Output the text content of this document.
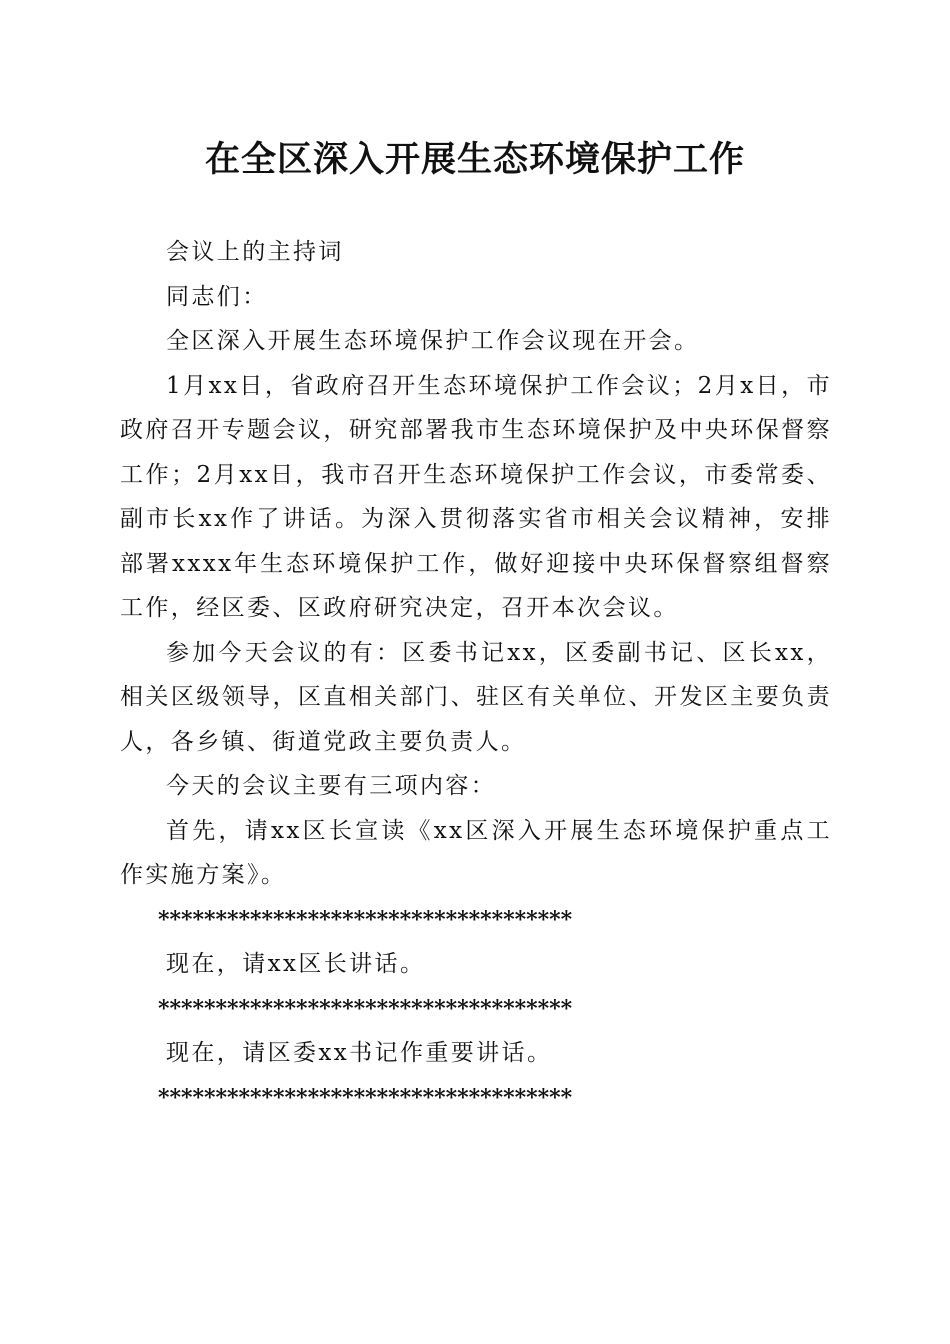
在全区深入开展生态环境保护工作

会议上的主持词

同志们：

全区深入开展生态环境保护工作会议现在开会。

1月xx日，省政府召开生态环境保护工作会议；2月x日，市政府召开专题会议，研究部署我市生态环境保护及中央环保督察工作；2月xx日，我市召开生态环境保护工作会议，市委常委、副市长xx作了讲话。为深入贯彻落实省市相关会议精神，安排部署xxxx年生态环境保护工作，做好迎接中央环保督察组督察工作，经区委、区政府研究决定，召开本次会议。

参加今天会议的有：区委书记xx，区委副书记、区长xx，相关区级领导，区直相关部门、驻区有关单位、开发区主要负责人，各乡镇、街道党政主要负责人。

今天的会议主要有三项内容：

首先，请xx区长宣读《xx区深入开展生态环境保护重点工作实施方案》。

************************************

现在，请xx区长讲话。

************************************

现在，请区委xx书记作重要讲话。

************************************
